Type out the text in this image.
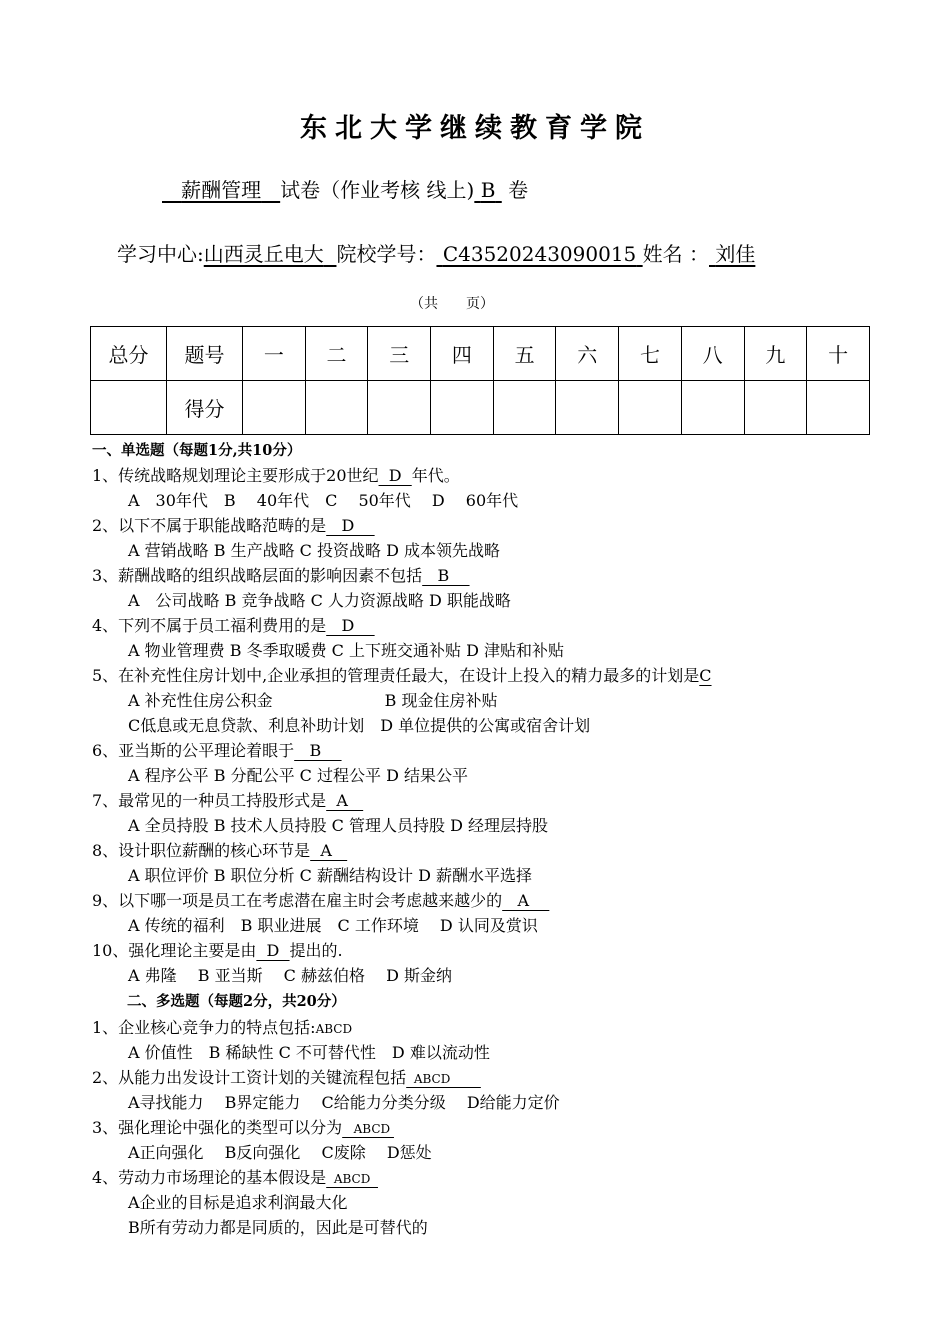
东北大学继续教育学院
薪酬管理 试卷（作业考核 线上) B 卷
学习中心:山西灵丘电大 院校学号： C43520243090015 姓名 ： 刘佳
（共　　页）
总分	题号	一	二	三	四	五	六	七	八	九	十
	得分										
一、单选题（每题1分,共10分）
1、传统战略规划理论主要形成于20世纪  D  年代。
A　30年代　B　 40年代　C　 50年代　 D　 60年代
2、以下不属于职能战略范畴的是   D
A 营销战略 B 生产战略 C 投资战略 D 成本领先战略
3、薪酬战略的组织战略层面的影响因素不包括   B
A　公司战略 B 竞争战略 C 人力资源战略 D 职能战略
4、下列不属于员工福利费用的是   D
A 物业管理费 B 冬季取暖费 C 上下班交通补贴 D 津贴和补贴
5、在补充性住房计划中,企业承担的管理责任最大，在设计上投入的精力最多的计划是C
A 补充性住房公积金　　　　　　　B 现金住房补贴
C低息或无息贷款、利息补助计划　D 单位提供的公寓或宿舍计划
6、亚当斯的公平理论着眼于   B
A 程序公平 B 分配公平 C 过程公平 D 结果公平
7、最常见的一种员工持股形式是  A
A 全员持股 B 技术人员持股 C 管理人员持股 D 经理层持股
8、设计职位薪酬的核心环节是  A
A 职位评价 B 职位分析 C 薪酬结构设计 D 薪酬水平选择
9、以下哪一项是员工在考虑潜在雇主时会考虑越来越少的   A
A 传统的福利　B 职业进展　C 工作环境　 D 认同及赏识
10、强化理论主要是由  D  提出的.
A 弗隆　 B 亚当斯　 C 赫兹伯格　 D 斯金纳
二、多选题（每题2分，共20分）
1、企业核心竞争力的特点包括:ABCD
A 价值性　B 稀缺性 C 不可替代性　D 难以流动性
2、从能力出发设计工资计划的关键流程包括  ABCD
A寻找能力　 B界定能力　 C给能力分类分级　 D给能力定价
3、强化理论中强化的类型可以分为   ABCD
A正向强化　 B反向强化　 C废除　 D惩处
4、劳动力市场理论的基本假设是  ABCD
A企业的目标是追求利润最大化
B所有劳动力都是同质的，因此是可替代的
